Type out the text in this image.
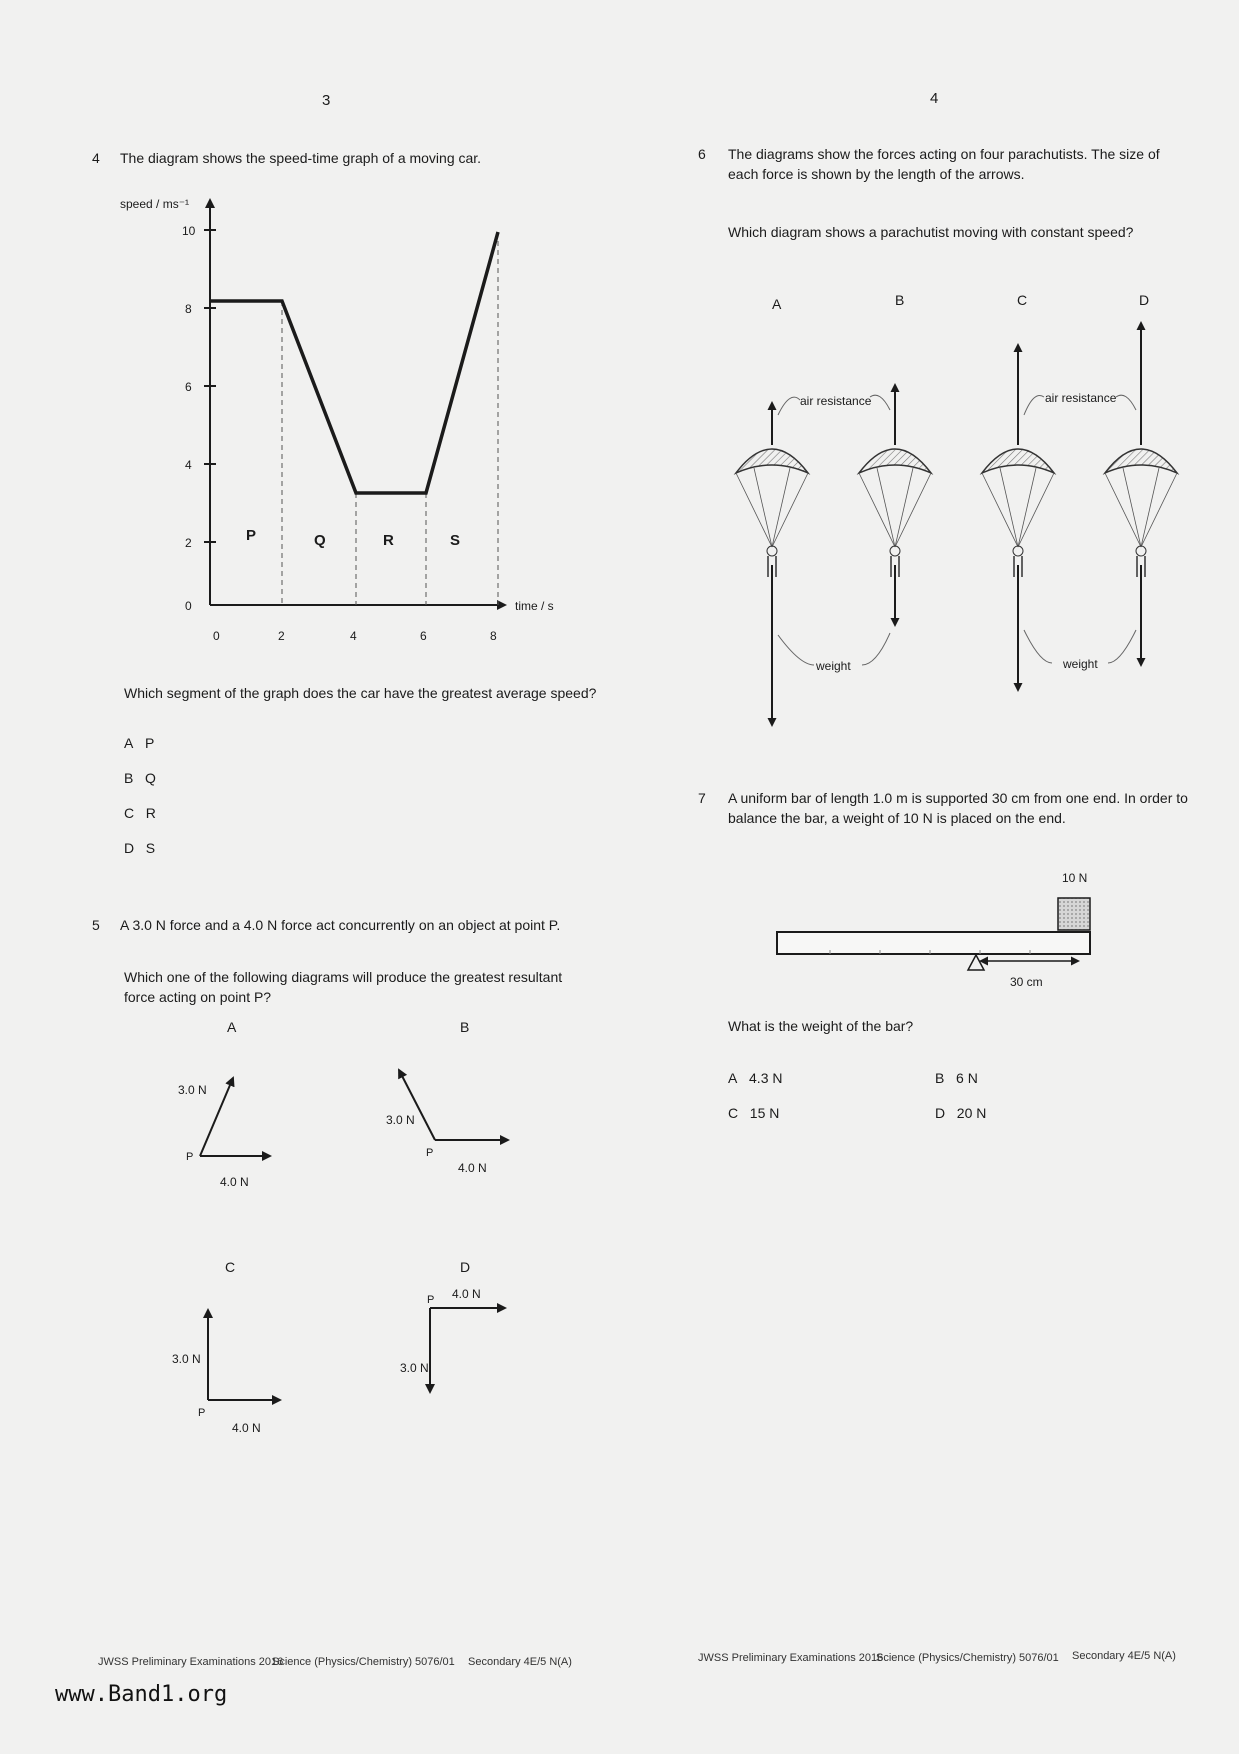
3
4 The diagram shows the speed-time graph of a moving car.
speed / ms⁻¹
0
2
4
6
8
10
0	2	4	6	8
time / s
P	Q	R	S
Which segment of the graph does the car have the greatest average speed?
A P
B Q
C R
D S
5 A 3.0 N force and a 4.0 N force act concurrently on an object at point P.
Which one of the following diagrams will produce the greatest resultant force acting on point P?
A
3.0 N
4.0 N
P
B
3.0 N
4.0 N
P
C
3.0 N
4.0 N
P
D
4.0 N
3.0 N
P
JWSS Preliminary Examinations 2016
Science (Physics/Chemistry) 5076/01 Secondary 4E/5 N(A)
4
6 The diagrams show the forces acting on four parachutists. The size of each force is shown by the length of the arrows.
Which diagram shows a parachutist moving with constant speed?
A	B	C	D
air resistance	air resistance
weight	weight
7 A uniform bar of length 1.0 m is supported 30 cm from one end. In order to balance the bar, a weight of 10 N is placed on the end.
10 N
30 cm
What is the weight of the bar?
A 4.3 N	B 6 N
C 15 N	D 20 N
JWSS Preliminary Examinations 2016
Science (Physics/Chemistry) 5076/01 Secondary 4E/5 N(A)
www.Band1.org
